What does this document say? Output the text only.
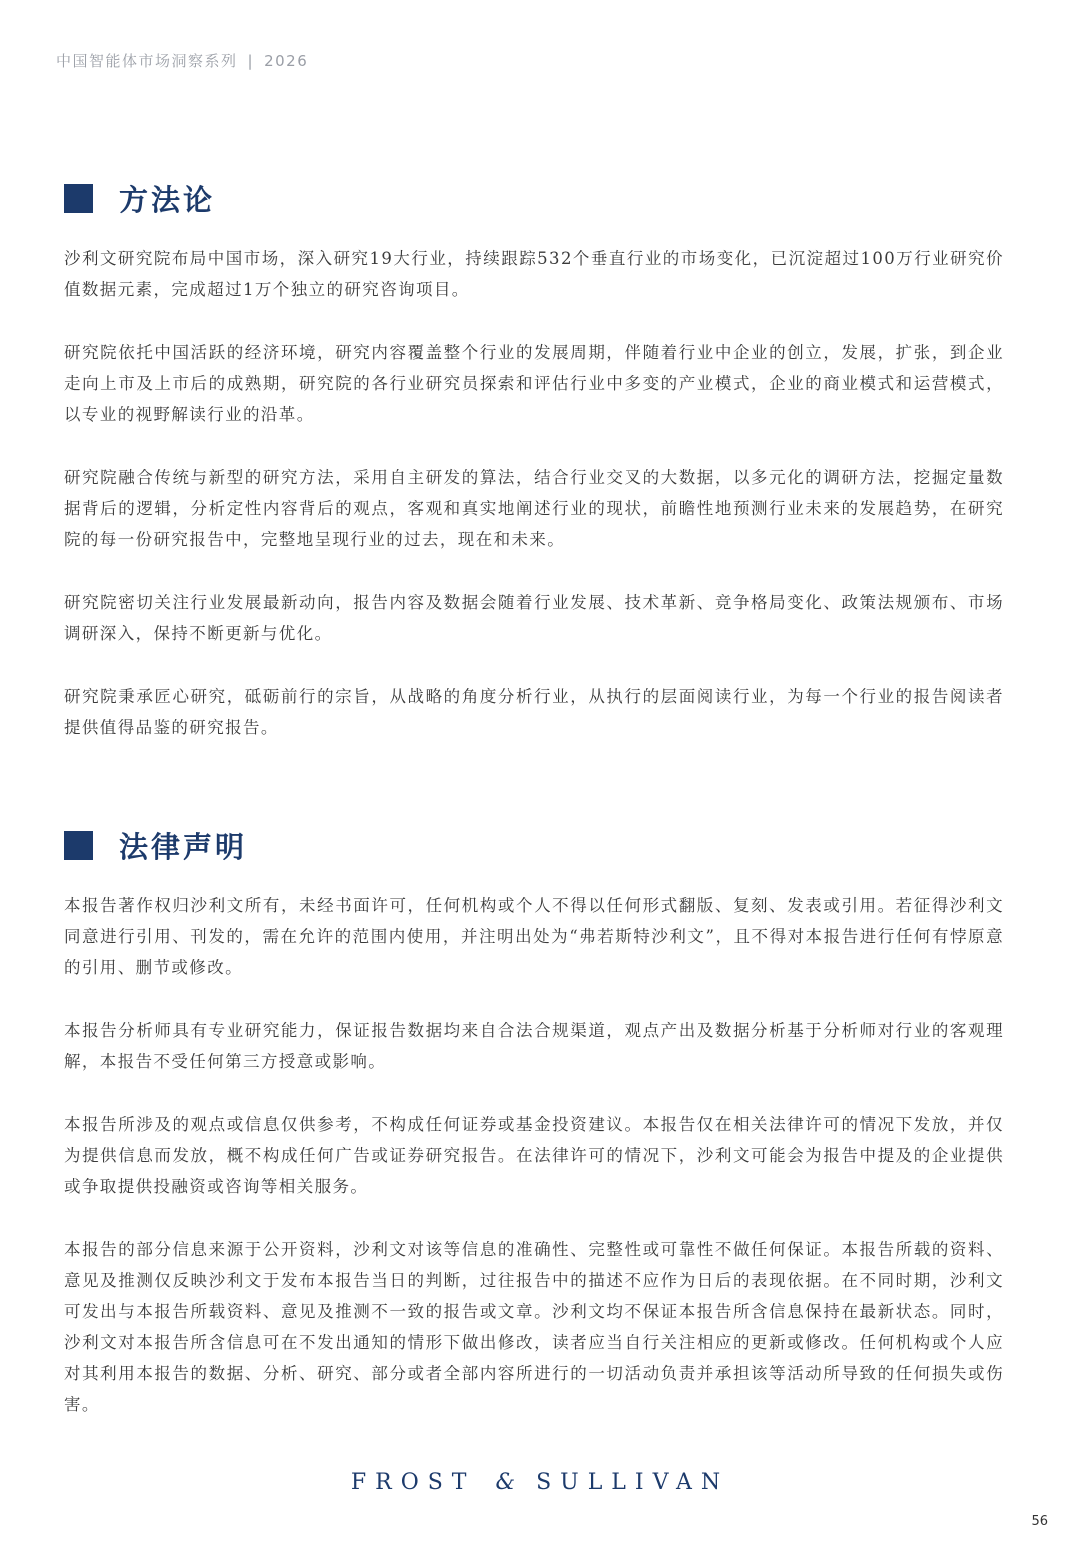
中国智能体市场洞察系列 | 2026
方法论

沙利文研究院布局中国市场，深入研究19大行业，持续跟踪532个垂直行业的市场变化，已沉淀超过100万行业研究价值数据元素，完成超过1万个独立的研究咨询项目。

研究院依托中国活跃的经济环境，研究内容覆盖整个行业的发展周期，伴随着行业中企业的创立，发展，扩张，到企业走向上市及上市后的成熟期，研究院的各行业研究员探索和评估行业中多变的产业模式，企业的商业模式和运营模式，以专业的视野解读行业的沿革。

研究院融合传统与新型的研究方法，采用自主研发的算法，结合行业交叉的大数据，以多元化的调研方法，挖掘定量数据背后的逻辑，分析定性内容背后的观点，客观和真实地阐述行业的现状，前瞻性地预测行业未来的发展趋势，在研究院的每一份研究报告中，完整地呈现行业的过去，现在和未来。

研究院密切关注行业发展最新动向，报告内容及数据会随着行业发展、技术革新、竞争格局变化、政策法规颁布、市场调研深入，保持不断更新与优化。

研究院秉承匠心研究，砥砺前行的宗旨，从战略的角度分析行业，从执行的层面阅读行业，为每一个行业的报告阅读者提供值得品鉴的研究报告。

法律声明

本报告著作权归沙利文所有，未经书面许可，任何机构或个人不得以任何形式翻版、复刻、发表或引用。若征得沙利文同意进行引用、刊发的，需在允许的范围内使用，并注明出处为“弗若斯特沙利文”，且不得对本报告进行任何有悖原意的引用、删节或修改。

本报告分析师具有专业研究能力，保证报告数据均来自合法合规渠道，观点产出及数据分析基于分析师对行业的客观理解，本报告不受任何第三方授意或影响。

本报告所涉及的观点或信息仅供参考，不构成任何证券或基金投资建议。本报告仅在相关法律许可的情况下发放，并仅为提供信息而发放，概不构成任何广告或证券研究报告。在法律许可的情况下，沙利文可能会为报告中提及的企业提供或争取提供投融资或咨询等相关服务。

本报告的部分信息来源于公开资料，沙利文对该等信息的准确性、完整性或可靠性不做任何保证。本报告所载的资料、意见及推测仅反映沙利文于发布本报告当日的判断，过往报告中的描述不应作为日后的表现依据。在不同时期，沙利文可发出与本报告所载资料、意见及推测不一致的报告或文章。沙利文均不保证本报告所含信息保持在最新状态。同时，沙利文对本报告所含信息可在不发出通知的情形下做出修改，读者应当自行关注相应的更新或修改。任何机构或个人应对其利用本报告的数据、分析、研究、部分或者全部内容所进行的一切活动负责并承担该等活动所导致的任何损失或伤害。

FROST & SULLIVAN
56
